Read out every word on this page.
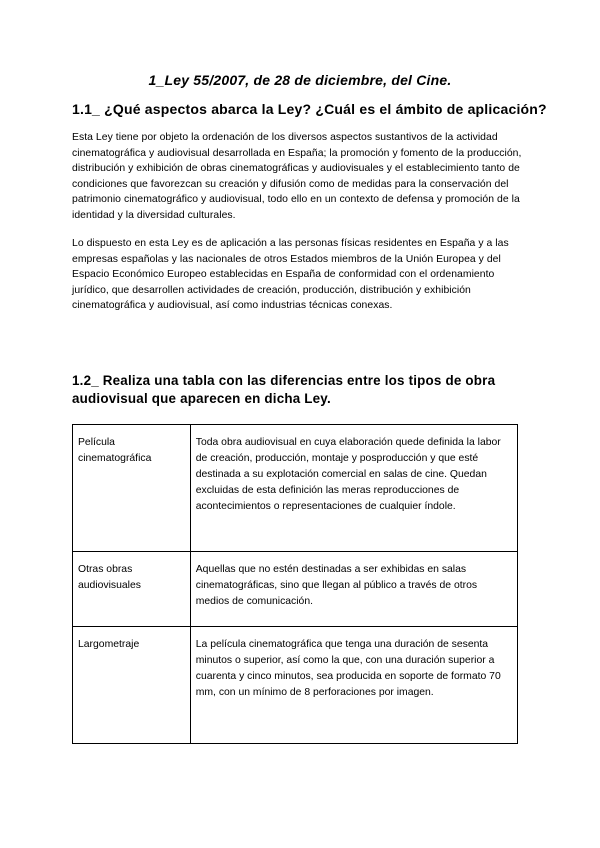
1_Ley 55/2007, de 28 de diciembre, del Cine.
1.1_ ¿Qué aspectos abarca la Ley? ¿Cuál es el ámbito de aplicación?
Esta Ley tiene por objeto la ordenación de los diversos aspectos sustantivos de la actividad cinematográfica y audiovisual desarrollada en España; la promoción y fomento de la producción, distribución y exhibición de obras cinematográficas y audiovisuales y el establecimiento tanto de condiciones que favorezcan su creación y difusión como de medidas para la conservación del patrimonio cinematográfico y audiovisual, todo ello en un contexto de defensa y promoción de la identidad y la diversidad culturales.
Lo dispuesto en esta Ley es de aplicación a las personas físicas residentes en España y a las empresas españolas y las nacionales de otros Estados miembros de la Unión Europea y del Espacio Económico Europeo establecidas en España de conformidad con el ordenamiento jurídico, que desarrollen actividades de creación, producción, distribución y exhibición cinematográfica y audiovisual, así como industrias técnicas conexas.
1.2_ Realiza una tabla con las diferencias entre los tipos de obra audiovisual que aparecen en dicha Ley.
Película cinematográfica	Toda obra audiovisual en cuya elaboración quede definida la labor de creación, producción, montaje y posproducción y que esté destinada a su explotación comercial en salas de cine. Quedan excluidas de esta definición las meras reproducciones de acontecimientos o representaciones de cualquier índole.
Otras obras audiovisuales	Aquellas que no estén destinadas a ser exhibidas en salas cinematográficas, sino que llegan al público a través de otros medios de comunicación.
Largometraje	La película cinematográfica que tenga una duración de sesenta minutos o superior, así como la que, con una duración superior a cuarenta y cinco minutos, sea producida en soporte de formato 70 mm, con un mínimo de 8 perforaciones por imagen.
